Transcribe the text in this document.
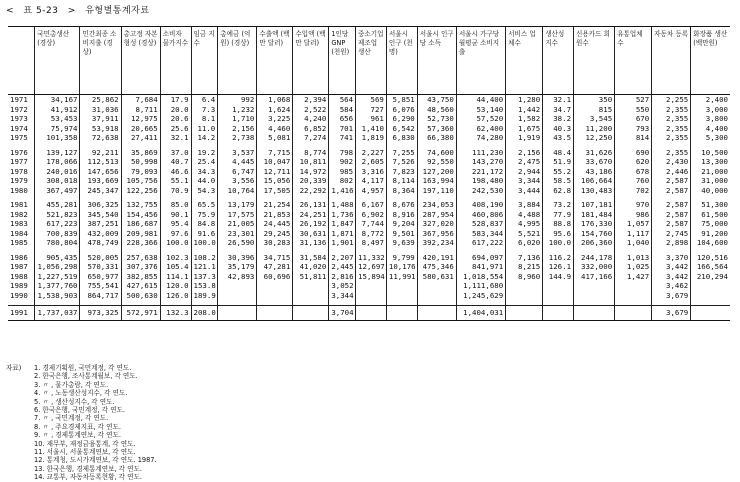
< 표 5-23 > 유형별통계자료
	국민총생산 (경상)	민간최종 소비지출 (경상)	총고정 자본형성 (경상)	소비자 물가지수	임금 지수	총예금 (억원) (경상)	수출액 (백만 달러)	수입액 (백만 달러)	1인당 GNP (천원)	중소기업 제조업 생산	서울시 인구 (천명)	서울시 인구당 소득	서울시 가구당 월평균 소비지출	서비스 업체수	생산성 지수	신용카드 회원수	유통업체 수	자동차 등록	화장품 생산(백만원)
1971	34,167	25,862	7,684	17.9	6.4	992	1,068	2,394	564	569	5,851	43,750	44,400	1,280	32.1	350	527	2,255	2,400
1972	41,912	31,036	8,711	20.0	7.3	1,232	1,624	2,522	584	727	6,076	48,560	53,140	1,442	34.7	815	550	2,355	3,000
1973	53,453	37,911	12,975	20.6	8.1	1,710	3,225	4,240	656	961	6,290	52,730	57,520	1,582	38.2	3,545	670	2,355	3,800
1974	75,974	53,918	20,665	25.6	11.0	2,156	4,460	6,852	701	1,410	6,542	57,360	62,400	1,675	40.3	11,200	793	2,355	4,400
1975	101,358	72,638	27,411	32.1	14.2	2,738	5,081	7,274	741	1,819	6,830	66,380	74,280	1,919	43.5	12,250	814	2,355	5,300

1976	139,127	92,211	35,869	37.0	19.2	3,537	7,715	8,774	798	2,227	7,255	74,600	111,230	2,156	48.4	31,626	690	2,355	10,500
1977	178,066	112,513	50,998	40.7	25.4	4,445	10,047	10,811	902	2,605	7,526	92,550	143,270	2,475	51.9	33,670	620	2,430	13,300
1978	240,016	147,656	79,093	46.6	34.3	6,747	12,711	14,972	985	3,316	7,823	127,200	221,172	2,944	55.2	43,186	678	2,446	21,000
1979	308,018	193,669	105,756	55.1	44.0	3,556	15,056	20,339	802	4,117	8,114	163,994	198,480	3,344	58.5	106,664	760	2,587	31,000
1980	367,497	245,347	122,256	70.9	54.3	10,764	17,505	22,292	1,416	4,957	8,364	197,110	242,530	3,444	62.8	130,483	702	2,587	40,000

1981	455,281	306,325	132,755	85.0	65.5	13,179	21,254	26,131	1,488	6,167	8,676	234,053	408,190	3,884	73.2	107,181	970	2,587	51,300
1982	521,823	345,540	154,456	90.1	75.9	17,575	21,853	24,251	1,736	6,902	8,916	287,954	460,806	4,488	77.9	181,484	986	2,587	61,500
1983	617,223	387,251	186,687	95.4	84.8	21,005	24,445	26,192	1,847	7,744	9,204	327,020	528,837	4,995	88.8	176,330	1,057	2,587	75,000
1984	700,839	432,009	209,981	97.6	91.6	23,301	29,245	30,631	1,871	8,772	9,501	367,956	583,344	5,521	95.6	154,760	1,117	2,745	91,200
1985	780,804	478,749	228,366	100.0	100.0	26,590	30,283	31,136	1,901	8,497	9,639	392,234	617,222	6,020	100.0	206,360	1,040	2,898	104,600

1986	905,435	520,005	257,638	102.3	108.2	30,396	34,715	31,584	2,207	11,332	9,799	420,191	694,097	7,136	116.2	244,178	1,013	3,370	120,516
1987	1,056,298	570,331	307,376	105.4	121.1	35,179	47,281	41,020	2,445	12,697	10,176	475,346	841,971	8,215	126.1	332,000	1,025	3,442	166,564
1988	1,227,519	650,977	382,855	114.1	137.3	42,893	60,696	51,811	2,816	15,894	11,991	580,631	1,018,554	8,960	144.9	417,166	1,427	3,442	210,294
1989	1,377,760	755,541	427,615	120.0	153.8				3,052				1,111,680					3,462	
1990	1,538,903	864,717	500,630	126.0	189.9				3,344				1,245,629					3,679	

1991	1,737,037	973,325	572,971	132.3	208.0				3,704				1,404,031					3,679	
자료) 1. 경제기획원, 국민계정, 각 연도.
2. 한국은행, 조사통계월보, 각 연도.
3. 〃 , 물가총람, 각 연도.
4. 〃 , 노동생산성지수, 각 연도.
5. 〃 , 생산성지수, 각 연도.
6. 한국은행, 국민계정, 각 연도.
7. 〃 , 국민계정, 각 연도.
8. 〃 , 주요경제지표, 각 연도.
9. 〃 , 경제통계연보, 각 연도.
10. 재무부, 재정금융통계, 각 연도.
11. 서울시, 서울통계연보, 각 연도.
12. 통계청, 도시가계연보, 각 연도. 1987.
13. 한국은행, 경제통계연보, 각 연도.
14. 교통부, 자동차등록현황, 각 연도.
